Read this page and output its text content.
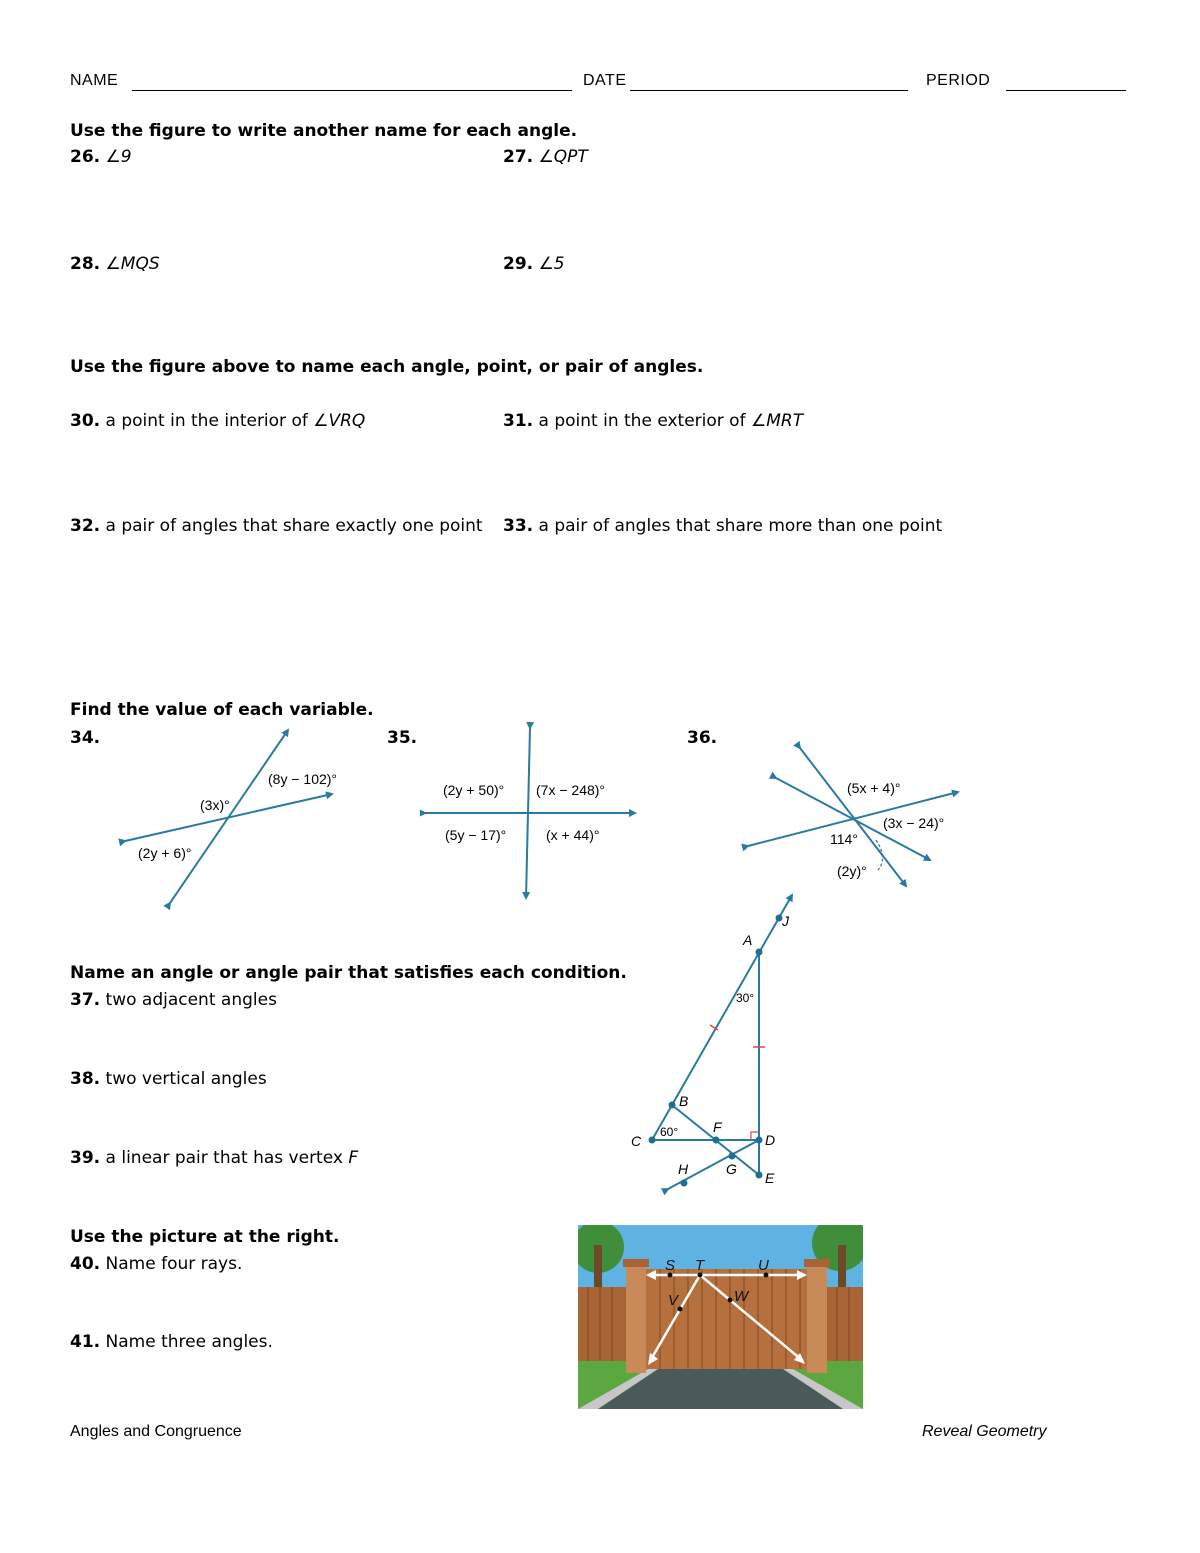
NAME	DATE	PERIOD
Use the figure to write another name for each angle.
26. ∠9	27. ∠QPT
28. ∠MQS	29. ∠5
Use the figure above to name each angle, point, or pair of angles.
30. a point in the interior of ∠VRQ	31. a point in the exterior of ∠MRT
32. a pair of angles that share exactly one point 33. a pair of angles that share more than one point
Find the value of each variable.
34.	35.	36.
(8y − 102)°
(3x)°
(2y + 6)°
(2y + 50)° (7x − 248)°
(5y − 17)°	(x + 44)°
(5x + 4)°
(3x − 24)°
114°
(2y)°
Name an angle or angle pair that satisfies each condition.
37. two adjacent angles
38. two vertical angles
39. a linear pair that has vertex F
A
J
B
C
F
D
G
H
E
30°
60°
Use the picture at the right.
40. Name four rays.
41. Name three angles.
S T	U
V	W
Angles and Congruence	Reveal Geometry
